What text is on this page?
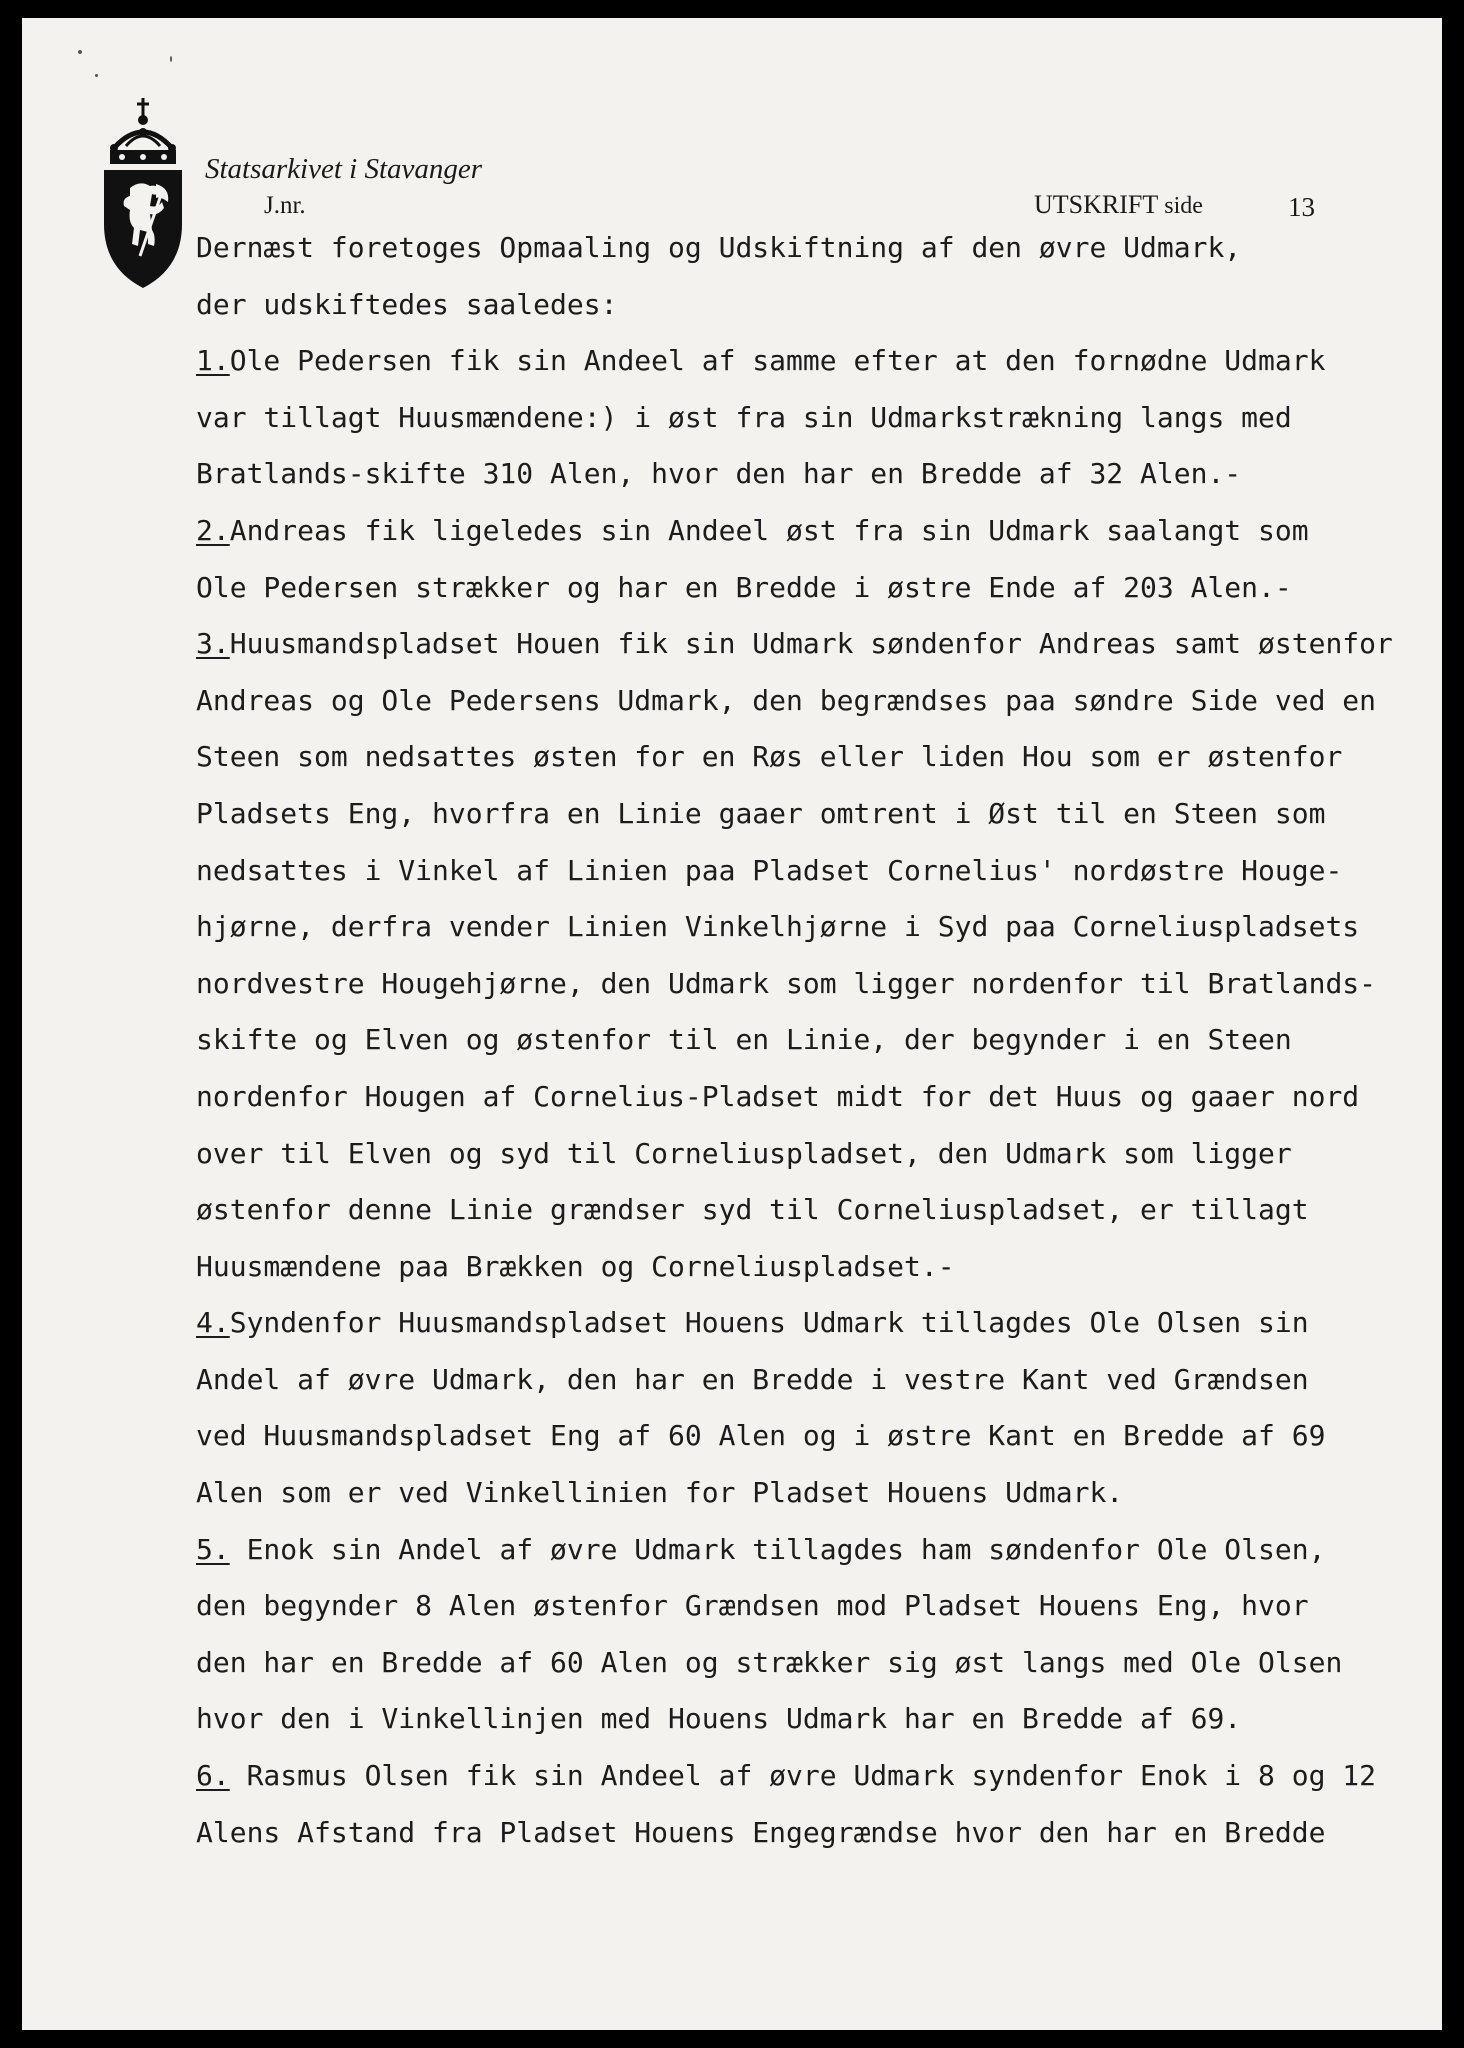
Statsarkivet i Stavanger
J.nr.	UTSKRIFT side	13
Dernæst foretoges Opmaaling og Udskiftning af den øvre Udmark,
der udskiftedes saaledes:
1.Ole Pedersen fik sin Andeel af samme efter at den fornødne Udmark
var tillagt Huusmændene:) i øst fra sin Udmarkstrækning langs med
Bratlands-skifte 310 Alen, hvor den har en Bredde af 32 Alen.-
2.Andreas fik ligeledes sin Andeel øst fra sin Udmark saalangt som
Ole Pedersen strækker og har en Bredde i østre Ende af 203 Alen.-
3.Huusmandspladset Houen fik sin Udmark søndenfor Andreas samt østenfor
Andreas og Ole Pedersens Udmark, den begrændses paa søndre Side ved en
Steen som nedsattes østen for en Røs eller liden Hou som er østenfor
Pladsets Eng, hvorfra en Linie gaaer omtrent i Øst til en Steen som
nedsattes i Vinkel af Linien paa Pladset Cornelius' nordøstre Houge-
hjørne, derfra vender Linien Vinkelhjørne i Syd paa Corneliuspladsets
nordvestre Hougehjørne, den Udmark som ligger nordenfor til Bratlands-
skifte og Elven og østenfor til en Linie, der begynder i en Steen
nordenfor Hougen af Cornelius-Pladset midt for det Huus og gaaer nord
over til Elven og syd til Corneliuspladset, den Udmark som ligger
østenfor denne Linie grændser syd til Corneliuspladset, er tillagt
Huusmændene paa Brækken og Corneliuspladset.-
4.Syndenfor Huusmandspladset Houens Udmark tillagdes Ole Olsen sin
Andel af øvre Udmark, den har en Bredde i vestre Kant ved Grændsen
ved Huusmandspladset Eng af 60 Alen og i østre Kant en Bredde af 69
Alen som er ved Vinkellinien for Pladset Houens Udmark.
5. Enok sin Andel af øvre Udmark tillagdes ham søndenfor Ole Olsen,
den begynder 8 Alen østenfor Grændsen mod Pladset Houens Eng, hvor
den har en Bredde af 60 Alen og strækker sig øst langs med Ole Olsen
hvor den i Vinkellinjen med Houens Udmark har en Bredde af 69.
6. Rasmus Olsen fik sin Andeel af øvre Udmark syndenfor Enok i 8 og 12
Alens Afstand fra Pladset Houens Engegrændse hvor den har en Bredde
